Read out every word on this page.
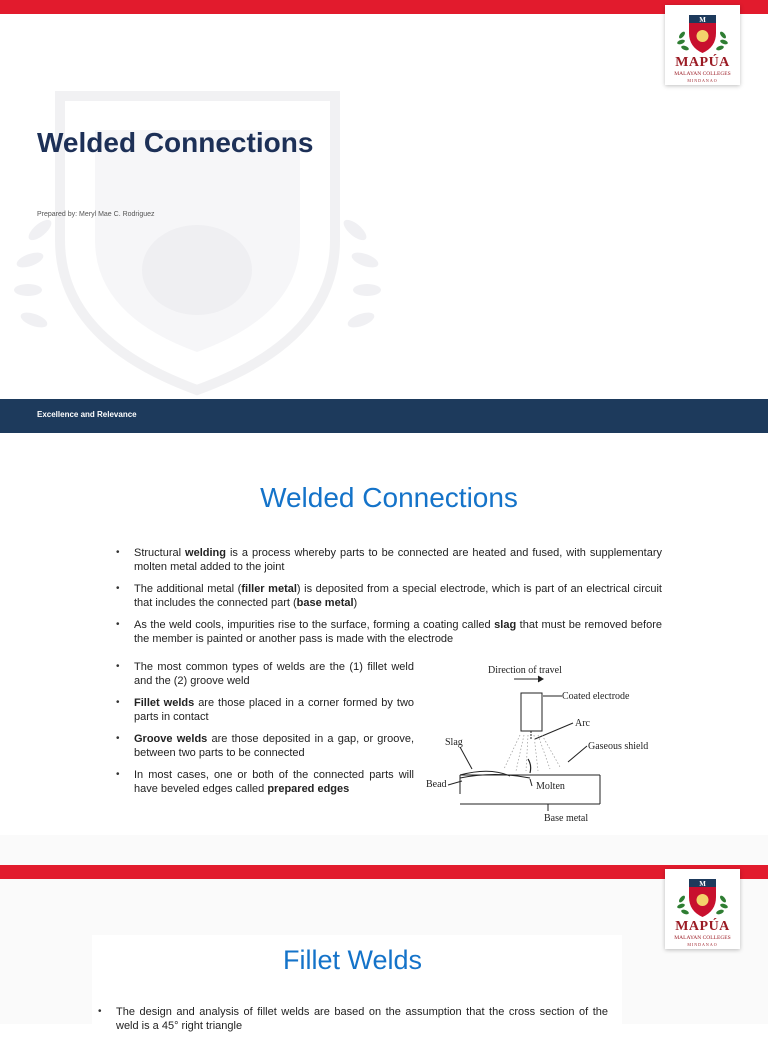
M
MAPÚA
MALAYAN COLLEGES
MINDANAO
Welded Connections
Prepared by: Meryl Mae C. Rodriguez
Excellence and Relevance
Welded Connections
• Structural welding is a process whereby parts to be connected are heated and fused, with supplementary molten metal added to the joint
• The additional metal (filler metal) is deposited from a special electrode, which is part of an electrical circuit that includes the connected part (base metal)
• As the weld cools, impurities rise to the surface, forming a coating called slag that must be removed before the member is painted or another pass is made with the electrode
• The most common types of welds are the (1) fillet weld and the (2) groove weld
• Fillet welds are those placed in a corner formed by two parts in contact
• Groove welds are those deposited in a gap, or groove, between two parts to be connected
• In most cases, one or both of the connected parts will have beveled edges called prepared edges
Direction of travel
Coated electrode
Arc
Slag	Gaseous shield
Bead	Molten
Base metal
M
MAPÚA
MALAYAN COLLEGES
MINDANAO
Fillet Welds
• The design and analysis of fillet welds are based on the assumption that the cross section of the weld is a 45° right triangle
